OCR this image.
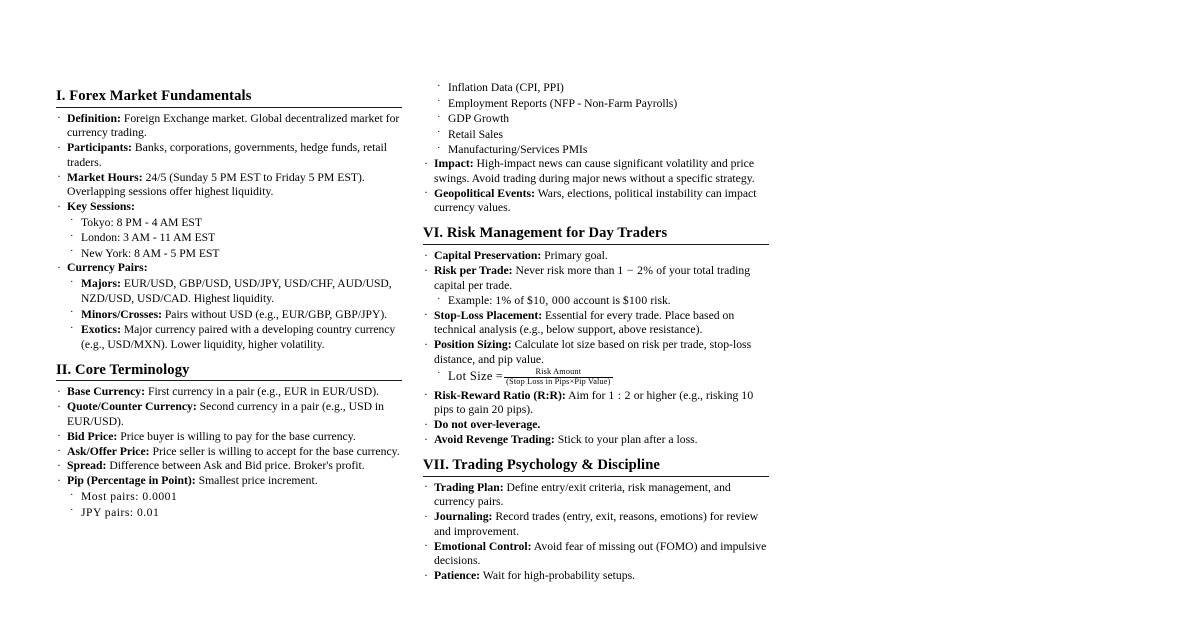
I. Forex Market Fundamentals
· Definition: Foreign Exchange market. Global decentralized market for currency trading.
· Participants: Banks, corporations, governments, hedge funds, retail traders.
· Market Hours: 24/5 (Sunday 5 PM EST to Friday 5 PM EST). Overlapping sessions offer highest liquidity.
· Key Sessions:
· Tokyo: 8 PM - 4 AM EST
· London: 3 AM - 11 AM EST
· New York: 8 AM - 5 PM EST
· Currency Pairs:
· Majors: EUR/USD, GBP/USD, USD/JPY, USD/CHF, AUD/USD, NZD/USD, USD/CAD. Highest liquidity.
· Minors/Crosses: Pairs without USD (e.g., EUR/GBP, GBP/JPY).
· Exotics: Major currency paired with a developing country currency (e.g., USD/MXN). Lower liquidity, higher volatility.
II. Core Terminology
· Base Currency: First currency in a pair (e.g., EUR in EUR/USD).
· Quote/Counter Currency: Second currency in a pair (e.g., USD in EUR/USD).
· Bid Price: Price buyer is willing to pay for the base currency.
· Ask/Offer Price: Price seller is willing to accept for the base currency.
· Spread: Difference between Ask and Bid price. Broker's profit.
· Pip (Percentage in Point): Smallest price increment.
· Most pairs: 0.0001
· JPY pairs: 0.01
· Inflation Data (CPI, PPI)
· Employment Reports (NFP - Non-Farm Payrolls)
· GDP Growth
· Retail Sales
· Manufacturing/Services PMIs
· Impact: High-impact news can cause significant volatility and price swings. Avoid trading during major news without a specific strategy.
· Geopolitical Events: Wars, elections, political instability can impact currency values.
VI. Risk Management for Day Traders
· Capital Preservation: Primary goal.
· Risk per Trade: Never risk more than 1 − 2% of your total trading capital per trade.
· Example: 1% of $10, 000 account is $100 risk.
· Stop-Loss Placement: Essential for every trade. Place based on technical analysis (e.g., below support, above resistance).
· Position Sizing: Calculate lot size based on risk per trade, stop-loss distance, and pip value.
· Lot Size = $\frac{\text{Risk Amount}}{\text{(Stop Loss in Pips×Pip Value)}}$
· Risk-Reward Ratio (R:R): Aim for 1 : 2 or higher (e.g., risking 10 pips to gain 20 pips).
· Do not over-leverage.
· Avoid Revenge Trading: Stick to your plan after a loss.
VII. Trading Psychology & Discipline
· Trading Plan: Define entry/exit criteria, risk management, and currency pairs.
· Journaling: Record trades (entry, exit, reasons, emotions) for review and improvement.
· Emotional Control: Avoid fear of missing out (FOMO) and impulsive decisions.
· Patience: Wait for high-probability setups.
